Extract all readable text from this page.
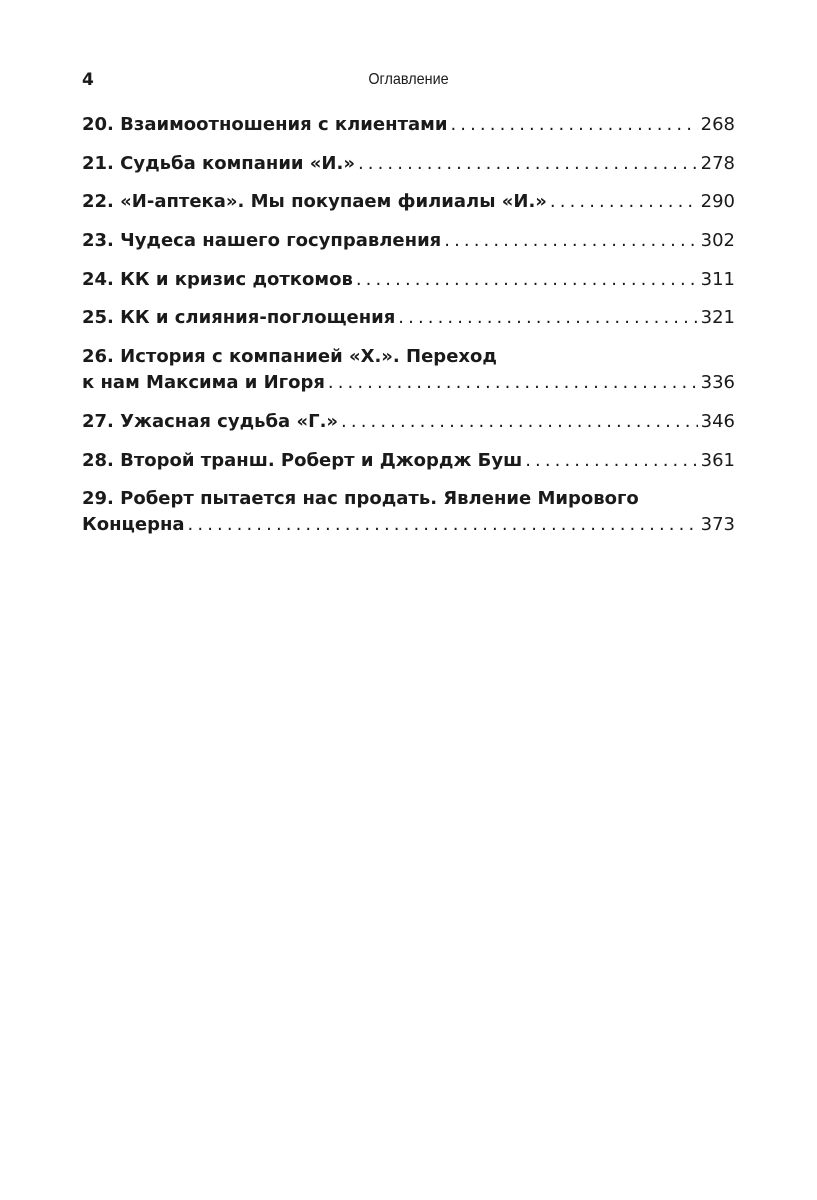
4	Оглавление
20. Взаимоотношения с клиентами .....	268
21. Судьба компании «И.» .....	278
22. «И-аптека». Мы покупаем филиалы «И.» .....	290
23. Чудеса нашего госуправления .....	302
24. КК и кризис доткомов .....	311
25. КК и слияния-поглощения .....	321
26. История с компанией «Х.». Переход
к нам Максима и Игоря .....	336
27. Ужасная судьба «Г.» .....	346
28. Второй транш. Роберт и Джордж Буш .....	361
29. Роберт пытается нас продать. Явление Мирового
Концерна .....	373
